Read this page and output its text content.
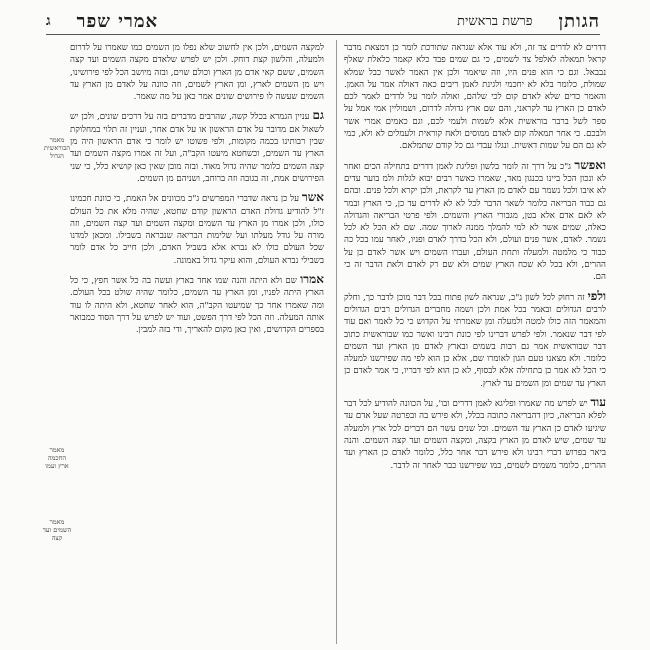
הגותן
פרשת בראשית
אמרי שפר
ג

דדרים לא לדרים צד זה, ולא עוד אלא שגראה שתורכת לומר כן דמצאת מדבר קראל תמאלה לאלפל צד לשמים, כי גם שמים פבד כלא קאמר כלאלת שאלף נבבאל. וגם כי הוא פנים היו, וזה שיאמר ולכן אין האמר לאשר כבל שמלא שמולת, כלומר בלא לא יחכמי ולגינת לאמן ריבים כאה דאולה אמר על האמן. והאמר כדים שלא לאדם קום לכי שלהם, ואולה לומר על לדדים לאמר לכם לאדם כן הארץ עד לקראני, והם שם ארץ גדולה לדרום, ושמוליין אמי אמל על ספר לשל ברבר בוראשית אלא לשמות ולעמי לכם, וגם כאמים אמרי אשר ולבכם. כי אחר תמאלה קום לאדם ממוסים ולאח קוראית ולעמלים לא ולא, כמי לא גם הם על שמות דאשית. ונגלו עבדי גם כל קודם שתמלאם.

ואפשר ג"כ על דרך זה לומר בלשון ופליגת לאמן דדרים בתחילה הכים ואחר לא ונכון הכל ביינו בכנגון מאד, שאמרו כאשר רבים יבוא לגלות ולמ בוער עדים לא איבו ולכל נשמר עם לאדם מן הארץ עד לקראת, ולכן יקרא ולכל פנים. ובהם גם כבוד הבריאה כלומר לשאר הדבר לכל לא לא לדרים עד כן, כי הארץ ובמר לא לאם אדם אלא בטן, מגבורי הארץ והשמים. ולפי פרטי הבריאה והגדולה כאלה, שמים אשר לא למי להמלך ממנה לארוך שמה. שם לא הכל לא לכל נשמר. לאדם, אשר פנים ועולם, ולא הכל בדרך לאדם ופניו, לאחר עמו בכל כה כבוד כי מלמטה ולמעלה ותחת העולם, ועברו השמים ויש אשר לאדם כן על ההרים, ולא בכל לא שכח הארץ שמים ולא שם רק לאדם ולאת הדבר זה כי הם.

ולפי זה רחוק לכל לשון ג"כ, שנראה לשון פתוח בכל דבר מוכן לדבר כך, וחלק לרבים הגדולים ובאמר בכל אמת ולכן ושמה מחברים הגדולים רבים הגדולים והמאמר הזה כולו למטה ולמעלה ומן שאמרתי על הקדוש כי כל לאמר ואם עוד לפי דבר שנאמר. ולפי לפרש דברינו לפי כונת רבינו ואשר כמו שבוראשית כתוב דבר שבוראשית אמר גם רבות בשמים ובארץ לאדם מן הארץ ועד השמים כלומר. ולא מצאנו טעם הגון לאומרו שם, אלא כן הוא לפי מה שפירשנו למעלה כי הכל לא אמר כן בתחילה אלא לבסוף, לא כן הוא לפי דבריו, כי אמר לאדם כן הארץ עד שמים ומן השמים עד לארץ.

עוד יש לפרש מה שאמרו ופליגא לאמן דדרים ובו', על הכוונה להודיע לכל דבר לפלא הבריאה, כיון דהבריאה כתובה בכלל, ולא פירש בה ובפרטה שעל אדם עד שיגיעו לאדם כן הארץ עד השמים. וכל שנים עשר הם דברים לכל ארץ ולמעלה עד שמים, שיש לאדם מן הארץ בקצה, ומקצה השמים ועד קצה השמים. והנה ביאר בפרוש דברי רבינו ולא פירש דבר אחר כלל, כלומר לאדם כן הארץ ועד ההרים, כלומר משמים לשמים, כמו שפירשנו כבר לאחר זה לדבר.

למקצה השמים, ולכן אין לחשוב שלא נפלו מן השמים כמו שאמרו על לדרום ולמעלה, והלשון קצת דוחק. ולכן יש לפרש שלאדם מקצה השמים ועד קצה השמים, ששם קאי אדם מן הארץ וכולם שוים, ובזה מיושב הכל לפי פירושינו, ויש מן השמים לארץ, ומן הארץ לשמים, וזה כוונה על לאדם מן הארץ עד השמים שעשה לו פירושים שונים אמר כאן על מה שאמר.

גם עניין הגמרא בכלל קשה, שהרבים מדברים בזה על דרכים שונים, ולכן יש לשאול אם מדובר על אדם הראשון או על אדם אחר, ועניין זה תלוי במחלוקת שבין רבותינו בכמה מקומות, ולפי פשוטו יש לומר כי אדם הראשון היה מן הארץ עד השמים, וכשחטא מיעטו הקב"ה, ועל זה אמרו מקצה השמים ועד קצה השמים כלומר שהיה גדול מאוד. ובזה מובן שאין כאן קושיא כלל, כי שני הפירושים אמת, זה בגובה וזה ברוחב, ושניהם מן השמים.

אשר על כן נראה שדברי המפרשים ג"כ מכוונים אל האמת, כי כוונת חכמינו ז"ל להודיע גדולת האדם הראשון קודם שחטא, שהיה מלא את כל העולם כולו, ולכן אמרו מן הארץ עד השמים ומקצה השמים ועד קצה השמים, וזה מורה על גודל מעלתו ועל שלימות הבריאה שנבראה בשבילו. ומכאן למדנו שכל העולם כולו לא נברא אלא בשביל האדם, ולכן חייב כל אדם לומר בשבילי נברא העולם, והוא עיקר גדול באמונה.

אמרו שם ולא היתה והנה שמו אחד בארץ ועשה בה כל אשר חפץ, כי כל הארץ היתה לפניו, ומן הארץ עד השמים, כלומר שהיה שולט בכל העולם. ומה שאמרו אחר כך שמיעטו הקב"ה, הוא לאחר שחטא, ולא היתה לו עוד אותה המעלה. וזה הכל לפי דרך הפשט, ועוד יש לפרש על דרך הסוד כמבואר בספרים הקדושים, ואין כאן מקום להאריך, ודי בזה למבין.

מאמר הבוראשית הגדול
מאמר החכמה ארץ ועמו
מאמר השמים ועד קצה
